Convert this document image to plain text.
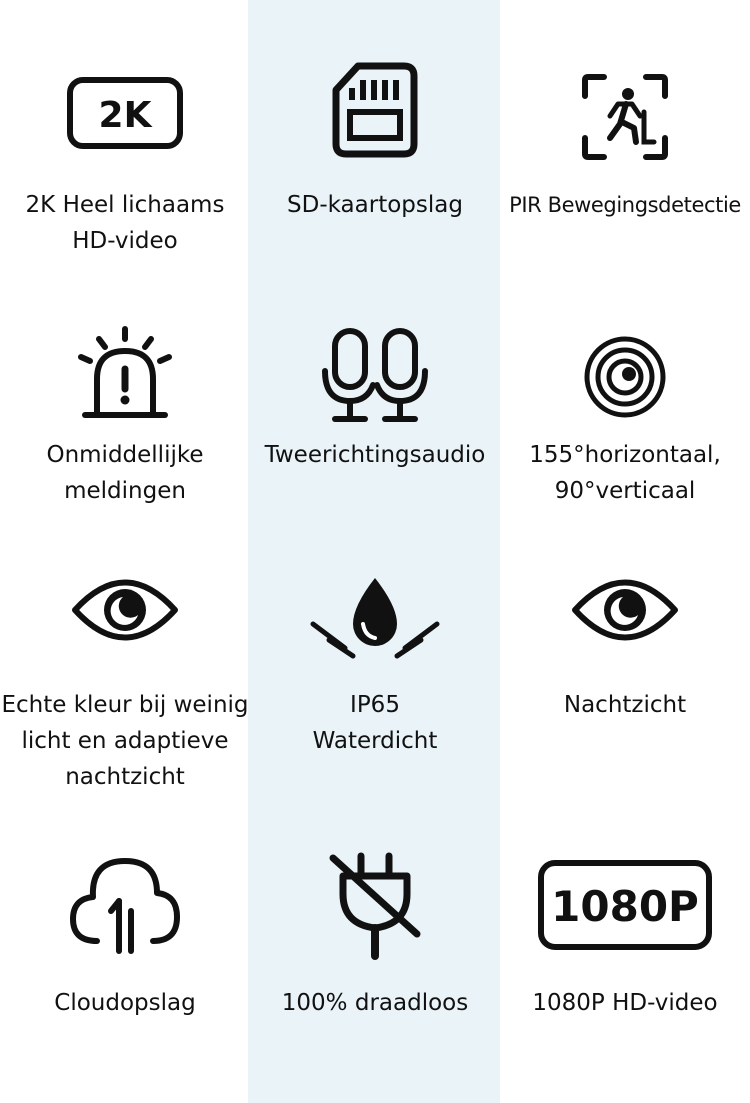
2K
2K Heel lichaams
HD-video
SD-kaartopslag	PIR Bewegingsdetectie
Onmiddellijke
meldingen
Tweerichtingsaudio	155°horizontaal,
90°verticaal
Echte kleur bij weinig
licht en adaptieve
nachtzicht
IP65
Waterdicht
Nachtzicht
Cloudopslag	100% draadloos
1080P
1080P HD-video
